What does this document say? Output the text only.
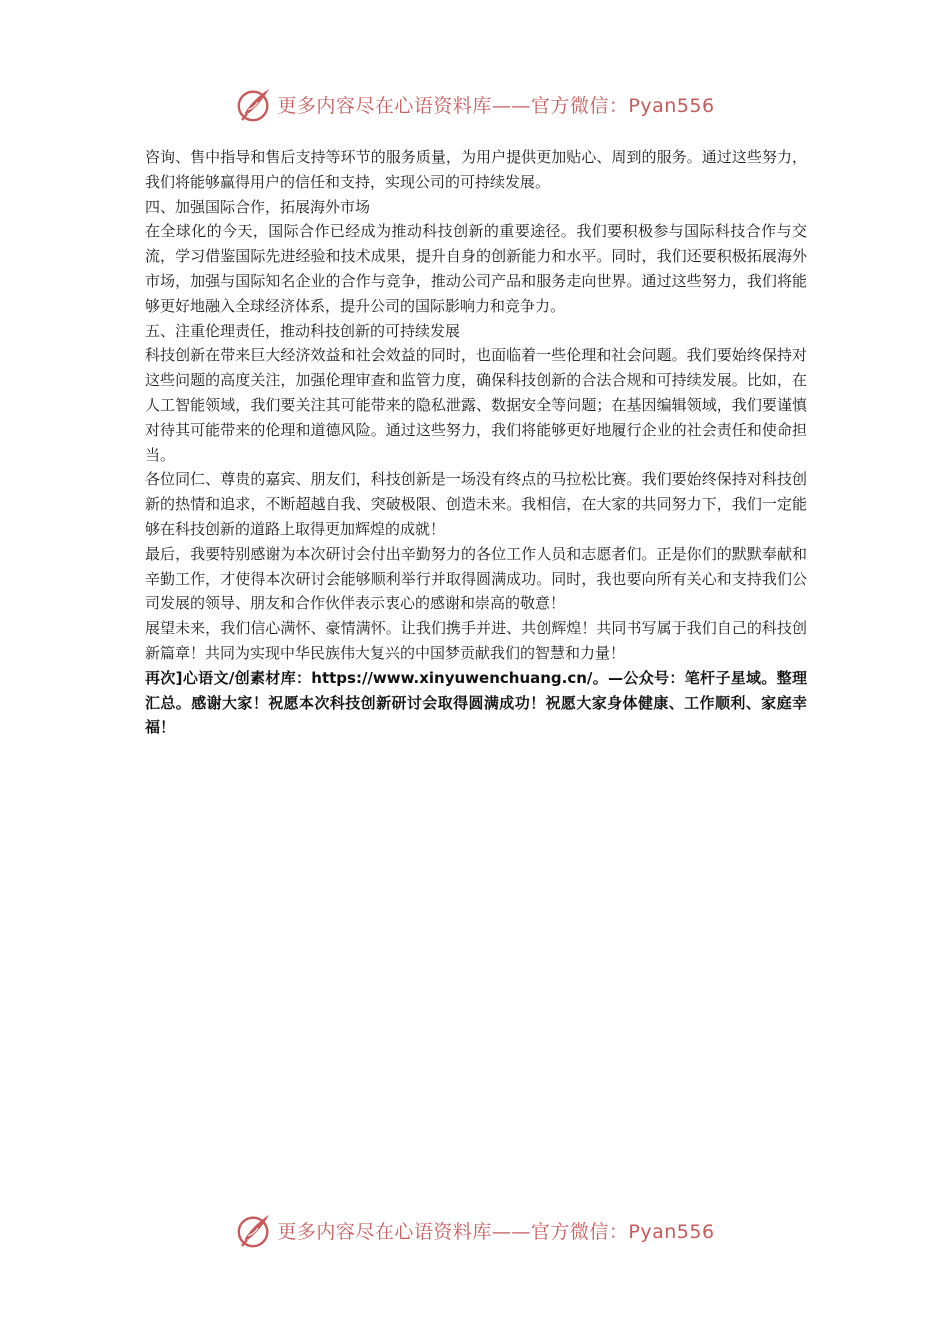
更多内容尽在心语资料库——官方微信：Pyan556

咨询、售中指导和售后支持等环节的服务质量，为用户提供更加贴心、周到的服务。通过这些努力，我们将能够赢得用户的信任和支持，实现公司的可持续发展。

四、加强国际合作，拓展海外市场

在全球化的今天，国际合作已经成为推动科技创新的重要途径。我们要积极参与国际科技合作与交流，学习借鉴国际先进经验和技术成果，提升自身的创新能力和水平。同时，我们还要积极拓展海外市场，加强与国际知名企业的合作与竞争，推动公司产品和服务走向世界。通过这些努力，我们将能够更好地融入全球经济体系，提升公司的国际影响力和竞争力。

五、注重伦理责任，推动科技创新的可持续发展

科技创新在带来巨大经济效益和社会效益的同时，也面临着一些伦理和社会问题。我们要始终保持对这些问题的高度关注，加强伦理审查和监管力度，确保科技创新的合法合规和可持续发展。比如，在人工智能领域，我们要关注其可能带来的隐私泄露、数据安全等问题；在基因编辑领域，我们要谨慎对待其可能带来的伦理和道德风险。通过这些努力，我们将能够更好地履行企业的社会责任和使命担当。

各位同仁、尊贵的嘉宾、朋友们，科技创新是一场没有终点的马拉松比赛。我们要始终保持对科技创新的热情和追求，不断超越自我、突破极限、创造未来。我相信，在大家的共同努力下，我们一定能够在科技创新的道路上取得更加辉煌的成就！

最后，我要特别感谢为本次研讨会付出辛勤努力的各位工作人员和志愿者们。正是你们的默默奉献和辛勤工作，才使得本次研讨会能够顺利举行并取得圆满成功。同时，我也要向所有关心和支持我们公司发展的领导、朋友和合作伙伴表示衷心的感谢和崇高的敬意！

展望未来，我们信心满怀、豪情满怀。让我们携手并进、共创辉煌！共同书写属于我们自己的科技创新篇章！共同为实现中华民族伟大复兴的中国梦贡献我们的智慧和力量！

再次]心语文/创素材库：https://www.xinyuwenchuang.cn/。—公众号：笔杆子星域。整理汇总。感谢大家！祝愿本次科技创新研讨会取得圆满成功！祝愿大家身体健康、工作顺利、家庭幸福！

更多内容尽在心语资料库——官方微信：Pyan556
